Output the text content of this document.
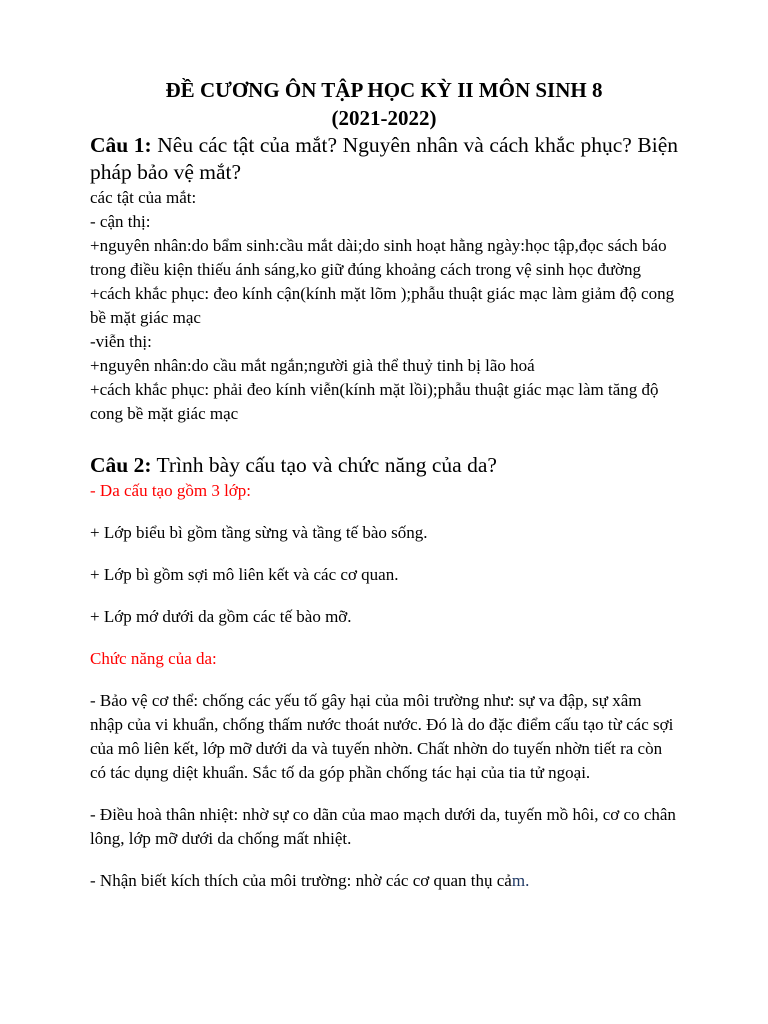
ĐỀ CƯƠNG ÔN TẬP HỌC KỲ II MÔN SINH 8
(2021-2022)

Câu 1: Nêu các tật của mắt? Nguyên nhân và cách khắc phục? Biện pháp bảo vệ mắt?

các tật của mắt:

- cận thị:

+nguyên nhân:do bẩm sinh:cầu mắt dài;do sinh hoạt hằng ngày:học tập,đọc sách báo trong điều kiện thiếu ánh sáng,ko giữ đúng khoảng cách trong vệ sinh học đường

+cách khắc phục: đeo kính cận(kính mặt lõm );phẫu thuật giác mạc làm giảm độ cong bề mặt giác mạc

-viễn thị:

+nguyên nhân:do cầu mắt ngắn;người già thể thuỷ tinh bị lão hoá

+cách khắc phục: phải đeo kính viễn(kính mặt lồi);phẫu thuật giác mạc làm tăng độ cong bề mặt giác mạc

Câu 2: Trình bày cấu tạo và chức năng của da?

- Da cấu tạo gồm 3 lớp:

+ Lớp biểu bì gồm tầng sừng và tầng tế bào sống.

+ Lớp bì gồm sợi mô liên kết và các cơ quan.

+ Lớp mớ dưới da gồm các tế bào mỡ.

Chức năng của da:

- Bảo vệ cơ thể: chống các yếu tố gây hại của môi trường như: sự va đập, sự xâm nhập của vi khuẩn, chống thấm nước thoát nước. Đó là do đặc điểm cấu tạo từ các sợi của mô liên kết, lớp mỡ dưới da và tuyến nhờn. Chất nhờn do tuyến nhờn tiết ra còn có tác dụng diệt khuẩn. Sắc tố da góp phần chống tác hại của tia tử ngoại.

- Điều hoà thân nhiệt: nhờ sự co dãn của mao mạch dưới da, tuyến mồ hôi, cơ co chân lông, lớp mỡ dưới da chống mất nhiệt.

- Nhận biết kích thích của môi trường: nhờ các cơ quan thụ cảm.
